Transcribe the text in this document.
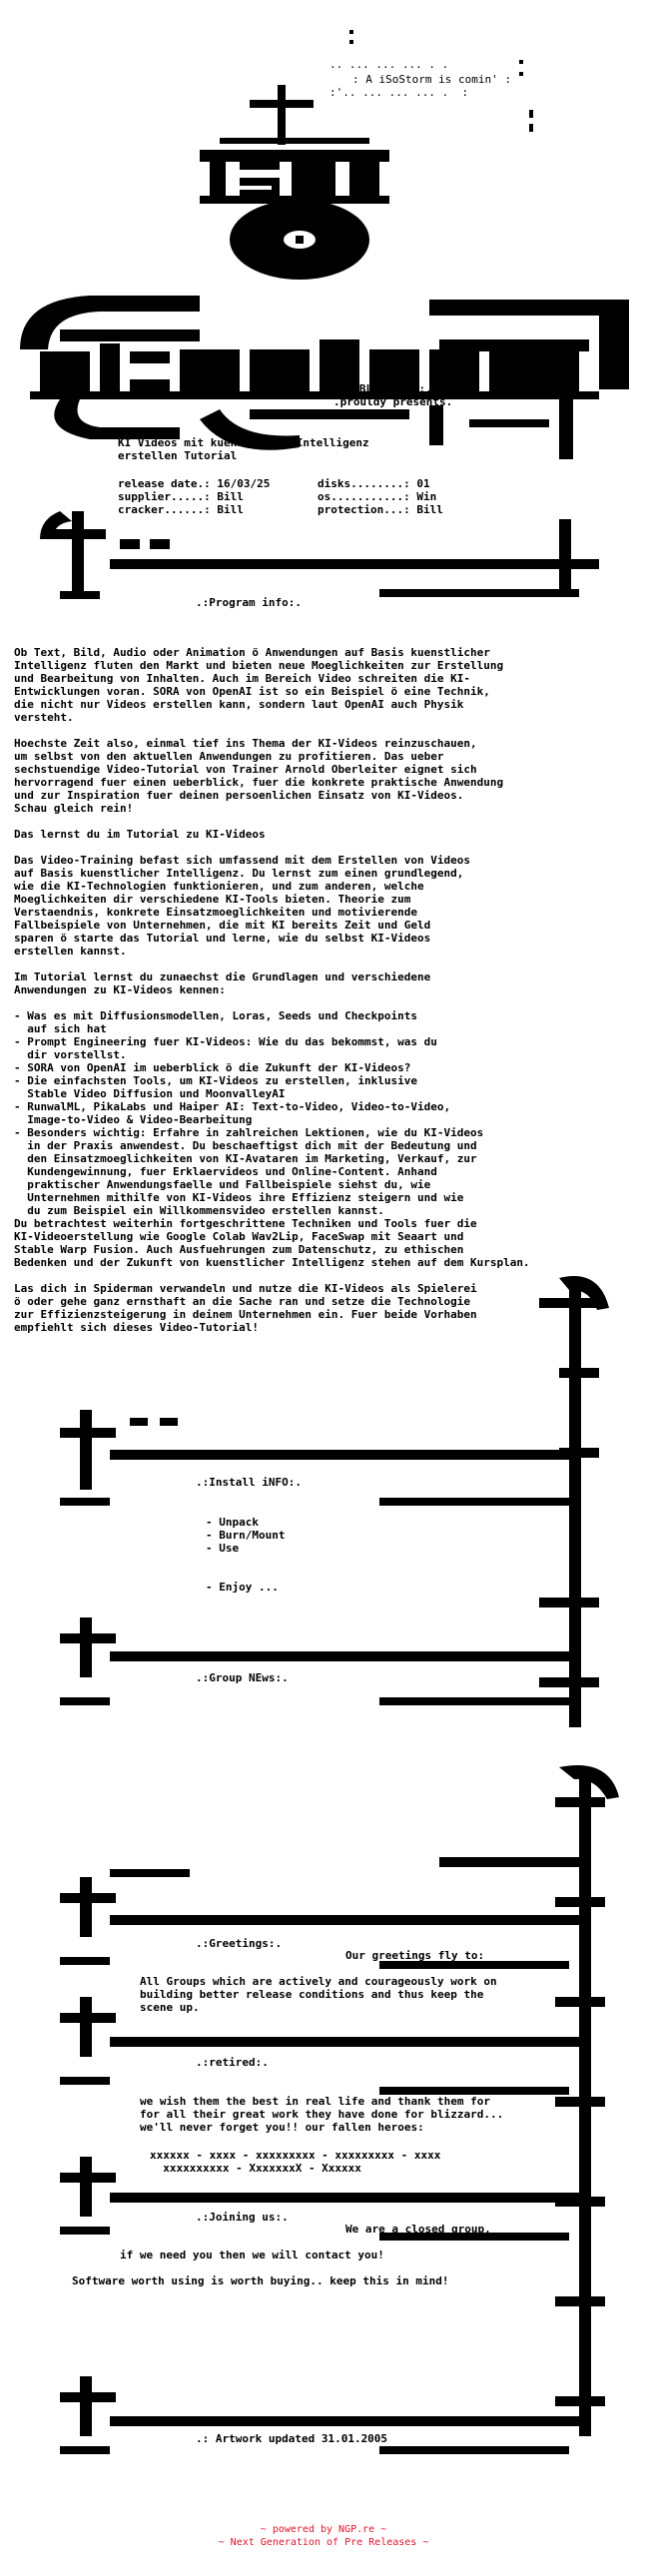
: A iSoStorm is comin' :
.. ... ... ... . .
:'.. ... ... ... .  :
.:.BLiZZaRD.:.
.prouldy presents.
KI Videos mit kuenstlicher Intelligenz
erstellen Tutorial
release date.: 16/03/25
supplier.....: Bill
cracker......: Bill
disks........: 01
os...........: Win
protection...: Bill
.:Program info:.
Ob Text, Bild, Audio oder Animation ö Anwendungen auf Basis kuenstlicher
Intelligenz fluten den Markt und bieten neue Moeglichkeiten zur Erstellung
und Bearbeitung von Inhalten. Auch im Bereich Video schreiten die KI-
Entwicklungen voran. SORA von OpenAI ist so ein Beispiel ö eine Technik,
die nicht nur Videos erstellen kann, sondern laut OpenAI auch Physik
versteht.
Hoechste Zeit also, einmal tief ins Thema der KI-Videos reinzuschauen,
um selbst von den aktuellen Anwendungen zu profitieren. Das ueber
sechstuendige Video-Tutorial von Trainer Arnold Oberleiter eignet sich
hervorragend fuer einen ueberblick, fuer die konkrete praktische Anwendung
und zur Inspiration fuer deinen persoenlichen Einsatz von KI-Videos.
Schau gleich rein!
Das lernst du im Tutorial zu KI-Videos
Das Video-Training befast sich umfassend mit dem Erstellen von Videos
auf Basis kuenstlicher Intelligenz. Du lernst zum einen grundlegend,
wie die KI-Technologien funktionieren, und zum anderen, welche
Moeglichkeiten dir verschiedene KI-Tools bieten. Theorie zum
Verstaendnis, konkrete Einsatzmoeglichkeiten und motivierende
Fallbeispiele von Unternehmen, die mit KI bereits Zeit und Geld
sparen ö starte das Tutorial und lerne, wie du selbst KI-Videos
erstellen kannst.
Im Tutorial lernst du zunaechst die Grundlagen und verschiedene
Anwendungen zu KI-Videos kennen:
- Was es mit Diffusionsmodellen, Loras, Seeds und Checkpoints
auf sich hat
- Prompt Engineering fuer KI-Videos: Wie du das bekommst, was du
dir vorstellst.
- SORA von OpenAI im ueberblick ö die Zukunft der KI-Videos?
- Die einfachsten Tools, um KI-Videos zu erstellen, inklusive
Stable Video Diffusion und MoonvalleyAI
- RunwalML, PikaLabs und Haiper AI: Text-to-Video, Video-to-Video,
Image-to-Video & Video-Bearbeitung
- Besonders wichtig: Erfahre in zahlreichen Lektionen, wie du KI-Videos
in der Praxis anwendest. Du beschaeftigst dich mit der Bedeutung und
den Einsatzmoeglichkeiten von KI-Avataren im Marketing, Verkauf, zur
Kundengewinnung, fuer Erklaervideos und Online-Content. Anhand
praktischer Anwendungsfaelle und Fallbeispiele siehst du, wie
Unternehmen mithilfe von KI-Videos ihre Effizienz steigern und wie
du zum Beispiel ein Willkommensvideo erstellen kannst.
Du betrachtest weiterhin fortgeschrittene Techniken und Tools fuer die
KI-Videoerstellung wie Google Colab Wav2Lip, FaceSwap mit Seaart und
Stable Warp Fusion. Auch Ausfuehrungen zum Datenschutz, zu ethischen
Bedenken und der Zukunft von kuenstlicher Intelligenz stehen auf dem Kursplan.
Las dich in Spiderman verwandeln und nutze die KI-Videos als Spielerei
ö oder gehe ganz ernsthaft an die Sache ran und setze die Technologie
zur Effizienzsteigerung in deinem Unternehmen ein. Fuer beide Vorhaben
empfiehlt sich dieses Video-Tutorial!
.:Install iNFO:.
- Unpack
- Burn/Mount
- Use
- Enjoy ...
.:Group NEws:.
.:Greetings:.
Our greetings fly to:
All Groups which are actively and courageously work on
building better release conditions and thus keep the
scene up.
.:retired:.
we wish them the best in real life and thank them for
for all their great work they have done for blizzard...
we'll never forget you!! our fallen heroes:
xxxxxx - xxxx - xxxxxxxxx - xxxxxxxxx - xxxx
xxxxxxxxxx - XxxxxxxX - Xxxxxx
.:Joining us:.
We are a closed group,
if we need you then we will contact you!
Software worth using is worth buying.. keep this in mind!
.: Artwork updated 31.01.2005
~ powered by NGP.re ~
~ Next Generation of Pre Releases ~
